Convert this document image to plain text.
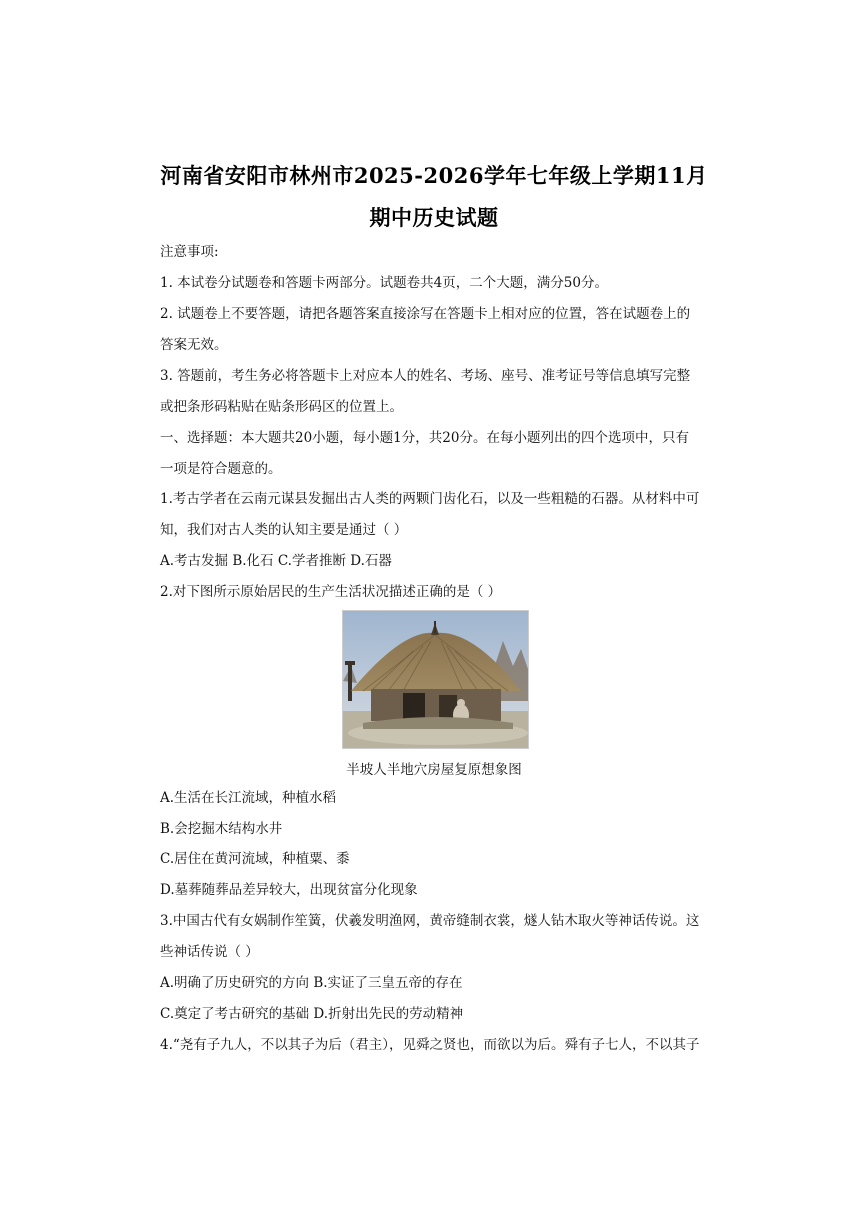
河南省安阳市林州市2025-2026学年七年级上学期11月
期中历史试题
注意事项:
1. 本试卷分试题卷和答题卡两部分。试题卷共4页，二个大题，满分50分。
2. 试题卷上不要答题，请把各题答案直接涂写在答题卡上相对应的位置，答在试题卷上的
答案无效。
3. 答题前，考生务必将答题卡上对应本人的姓名、考场、座号、准考证号等信息填写完整
或把条形码粘贴在贴条形码区的位置上。
一、选择题：本大题共20小题，每小题1分，共20分。在每小题列出的四个选项中，只有
一项是符合题意的。
1.考古学者在云南元谋县发掘出古人类的两颗门齿化石，以及一些粗糙的石器。从材料中可
知，我们对古人类的认知主要是通过（ ）
A.考古发掘 B.化石 C.学者推断 D.石器
2.对下图所示原始居民的生产生活状况描述正确的是（ ）
半坡人半地穴房屋复原想象图
A.生活在长江流域，种植水稻
B.会挖掘木结构水井
C.居住在黄河流域，种植粟、黍
D.墓葬随葬品差异较大，出现贫富分化现象
3.中国古代有女娲制作笙簧，伏羲发明渔网，黄帝缝制衣裳，燧人钻木取火等神话传说。这
些神话传说（ ）
A.明确了历史研究的方向 B.实证了三皇五帝的存在
C.奠定了考古研究的基础 D.折射出先民的劳动精神
4.“尧有子九人，不以其子为后（君主），见舜之贤也，而欲以为后。舜有子七人，不以其子
